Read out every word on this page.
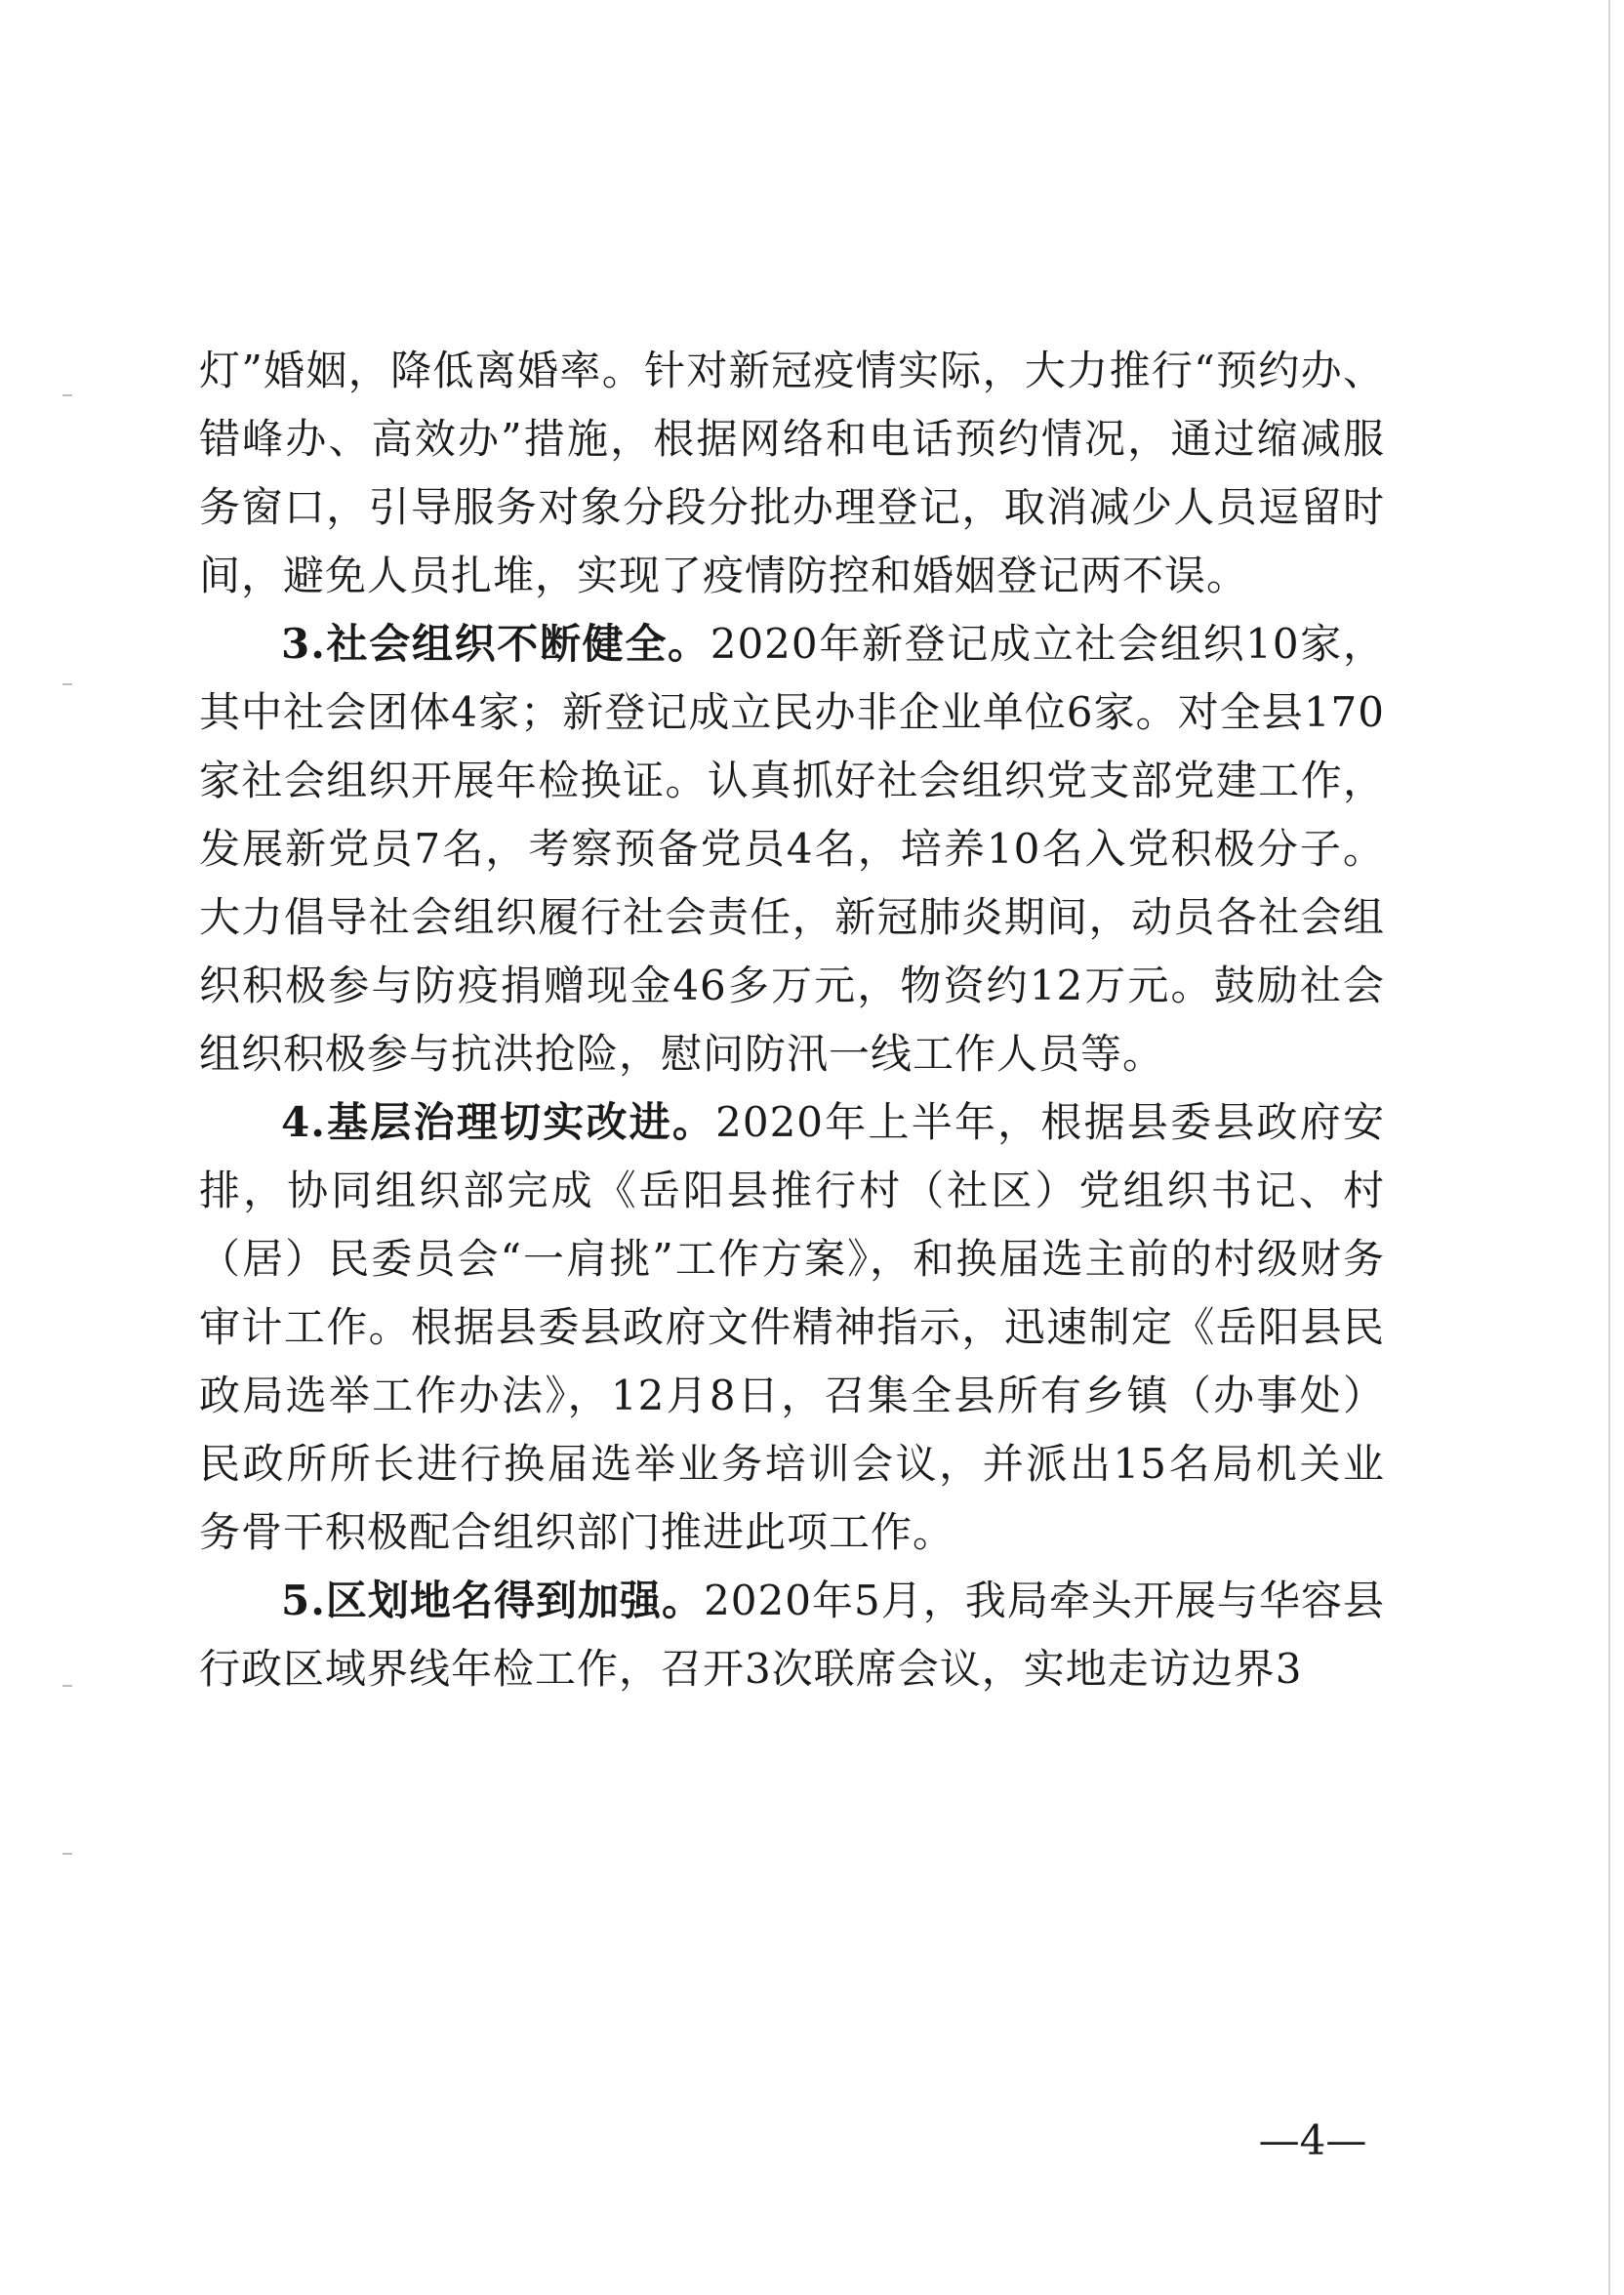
灯”婚姻，降低离婚率。针对新冠疫情实际，大力推行“预约办、错峰办、高效办”措施，根据网络和电话预约情况，通过缩减服务窗口，引导服务对象分段分批办理登记，取消减少人员逗留时间，避免人员扎堆，实现了疫情防控和婚姻登记两不误。

3.社会组织不断健全。2020年新登记成立社会组织10家，其中社会团体4家；新登记成立民办非企业单位6家。对全县170家社会组织开展年检换证。认真抓好社会组织党支部党建工作，发展新党员7名，考察预备党员4名，培养10名入党积极分子。大力倡导社会组织履行社会责任，新冠肺炎期间，动员各社会组织积极参与防疫捐赠现金46多万元，物资约12万元。鼓励社会组织积极参与抗洪抢险，慰问防汛一线工作人员等。

4.基层治理切实改进。2020年上半年，根据县委县政府安排，协同组织部完成《岳阳县推行村（社区）党组织书记、村（居）民委员会“一肩挑”工作方案》，和换届选主前的村级财务审计工作。根据县委县政府文件精神指示，迅速制定《岳阳县民政局选举工作办法》，12月8日，召集全县所有乡镇（办事处）民政所所长进行换届选举业务培训会议，并派出15名局机关业务骨干积极配合组织部门推进此项工作。

5.区划地名得到加强。2020年5月，我局牵头开展与华容县行政区域界线年检工作，召开3次联席会议，实地走访边界3

—4—
